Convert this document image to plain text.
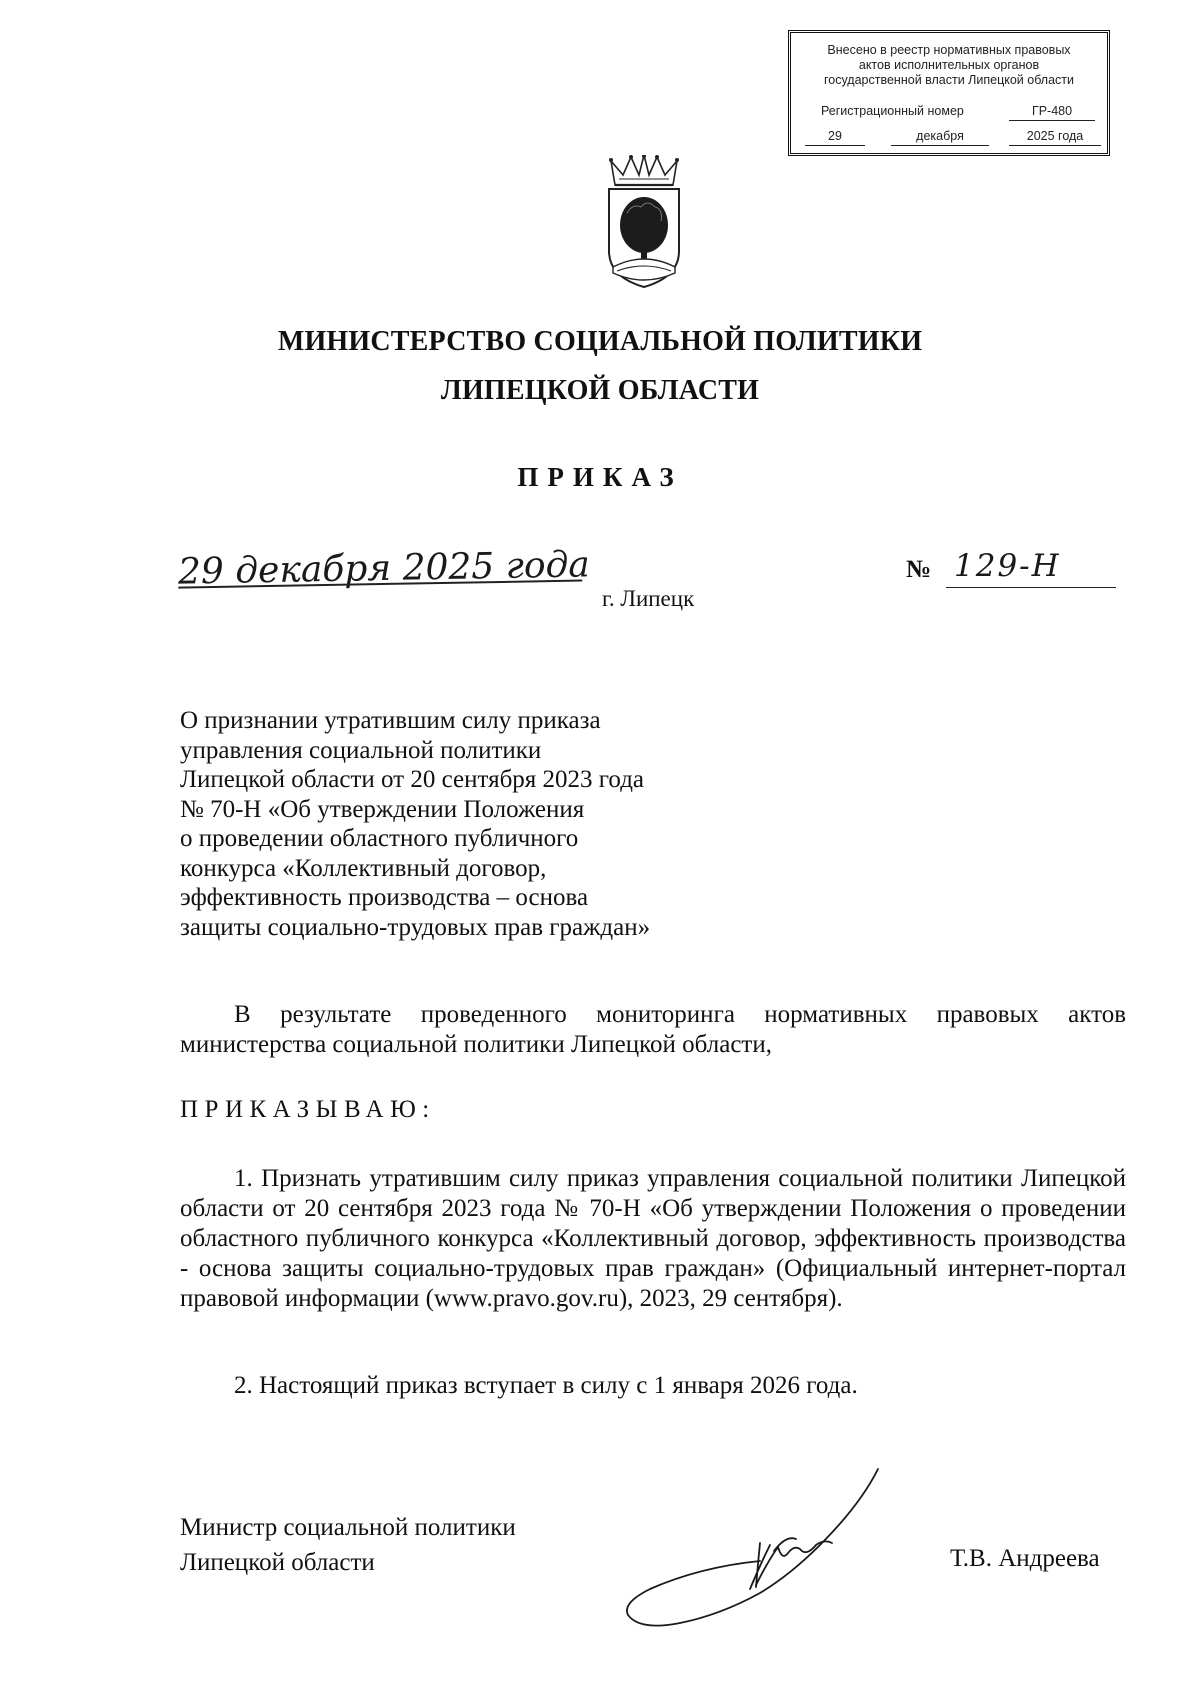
Внесено в реестр нормативных правовых
актов исполнительных органов
государственной власти Липецкой области
Регистрационный номер	ГР-480
29	декабря	2025 года
МИНИСТЕРСТВО СОЦИАЛЬНОЙ ПОЛИТИКИ
ЛИПЕЦКОЙ ОБЛАСТИ
ПРИКАЗ
29 декабря 2025 года
г. Липецк
№ 129-Н
О признании утратившим силу приказа
управления социальной политики
Липецкой области от 20 сентября 2023 года
№ 70-Н «Об утверждении Положения
о проведении областного публичного
конкурса «Коллективный договор,
эффективность производства – основа
защиты социально-трудовых прав граждан»
В результате проведенного мониторинга нормативных правовых актов министерства социальной политики Липецкой области,
ПРИКАЗЫВАЮ:
1. Признать утратившим силу приказ управления социальной политики Липецкой области от 20 сентября 2023 года № 70-Н «Об утверждении Положения о проведении областного публичного конкурса «Коллективный договор, эффективность производства - основа защиты социально-трудовых прав граждан» (Официальный интернет-портал правовой информации (www.pravo.gov.ru), 2023, 29 сентября).
2. Настоящий приказ вступает в силу с 1 января 2026 года.
Министр социальной политики
Липецкой области	Т.В. Андреева
